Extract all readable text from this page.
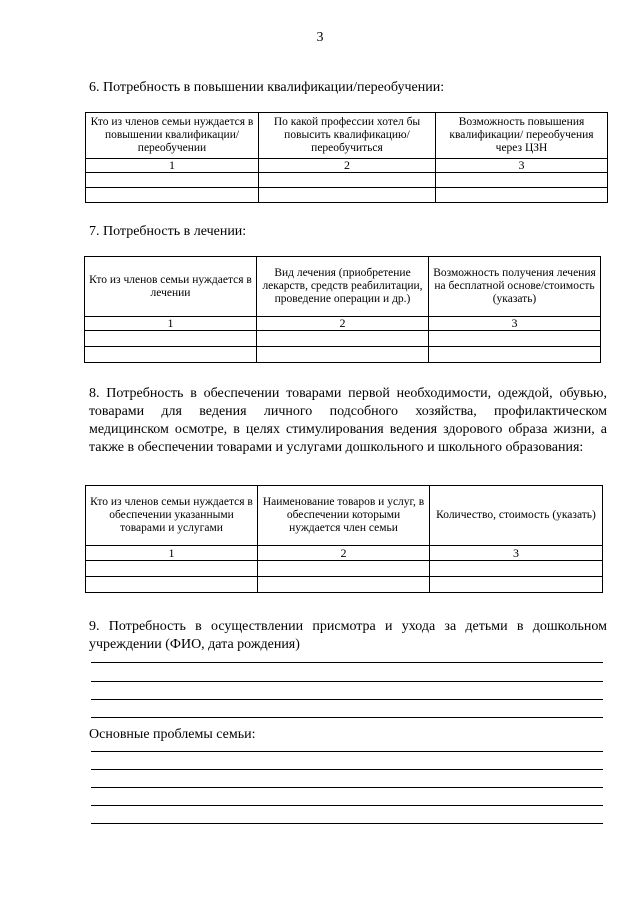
3
6. Потребность в повышении квалификации/переобучении:
Кто из членов семьи нуждается в повышении квалификации/переобучении	По какой профессии хотел бы повысить квалификацию/переобучиться	Возможность повышения квалификации/ переобучения через ЦЗН
1	2	3

7. Потребность в лечении:
Кто из членов семьи нуждается в лечении	Вид лечения (приобретение лекарств, средств реабилитации, проведение операции и др.)	Возможность получения лечения на бесплатной основе/стоимость (указать)
1	2	3

8. Потребность в обеспечении товарами первой необходимости, одеждой, обувью, товарами для ведения личного подсобного хозяйства, профилактическом медицинском осмотре, в целях стимулирования ведения здорового образа жизни, а также в обеспечении товарами и услугами дошкольного и школьного образования:
Кто из членов семьи нуждается в обеспечении указанными товарами и услугами	Наименование товаров и услуг, в обеспечении которыми нуждается член семьи	Количество, стоимость (указать)
1	2	3

9. Потребность в осуществлении присмотра и ухода за детьми в дошкольном учреждении (ФИО, дата рождения)
Основные проблемы семьи:
